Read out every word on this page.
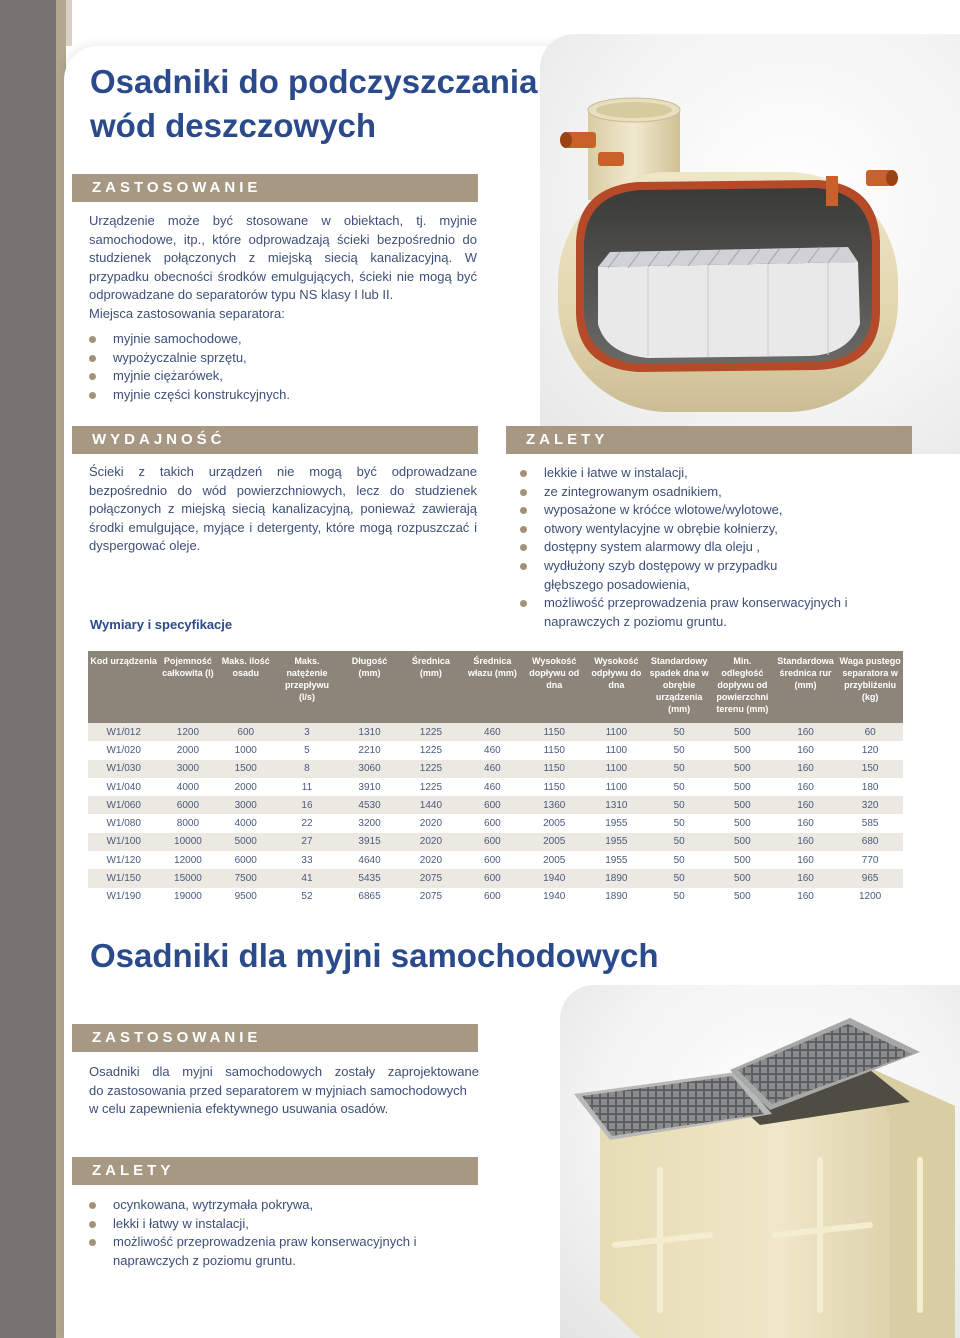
Osadniki do podczyszczania
wód deszczowych
ZASTOSOWANIE

Urządzenie może być stosowane w obiektach, tj. myjnie samochodowe, itp., które odprowadzają ścieki bezpośrednio do studzienek połączonych z miejską siecią kanalizacyjną. W przypadku obecności środków emulgujących, ścieki nie mogą być odprowadzane do separatorów typu NS klasy I lub II.

Miejsca zastosowania separatora:

myjnie samochodowe,
wypożyczalnie sprzętu,
myjnie ciężarówek,
myjnie części konstrukcyjnych.
WYDAJNOŚĆ

Ścieki z takich urządzeń nie mogą być odprowadzane bezpośrednio do wód powierzchniowych, lecz do studzienek połączonych z miejską siecią kanalizacyjną, ponieważ zawierają środki emulgujące, myjące i detergenty, które mogą rozpuszczać i dyspergować oleje.

Wymiary i specyfikacje
ZALETY
lekkie i łatwe w instalacji,
ze zintegrowanym osadnikiem,
wyposażone w króćce wlotowe/wylotowe,
otwory wentylacyjne w obrębie kołnierzy,
dostępny system alarmowy dla oleju ,
wydłużony szyb dostępowy w przypadku głębszego posadowienia,
możliwość przeprowadzenia praw konserwacyjnych i naprawczych z poziomu gruntu.
Kod urządzenia	Pojemność całkowita (l)	Maks. ilość osadu	Maks. natężenie przepływu (l/s)	Długość (mm)	Średnica (mm)	Średnica włazu (mm)	Wysokość dopływu od dna	Wysokość odpływu do dna	Standardowy spadek dna w obrębie urządzenia (mm)	Min. odległość dopływu od powierzchni terenu (mm)	Standardowa średnica rur (mm)	Waga pustego separatora w przybliżeniu (kg)
W1/012	1200	600	3	1310	1225	460	1150	1100	50	500	160	60
W1/020	2000	1000	5	2210	1225	460	1150	1100	50	500	160	120
W1/030	3000	1500	8	3060	1225	460	1150	1100	50	500	160	150
W1/040	4000	2000	11	3910	1225	460	1150	1100	50	500	160	180
W1/060	6000	3000	16	4530	1440	600	1360	1310	50	500	160	320
W1/080	8000	4000	22	3200	2020	600	2005	1955	50	500	160	585
W1/100	10000	5000	27	3915	2020	600	2005	1955	50	500	160	680
W1/120	12000	6000	33	4640	2020	600	2005	1955	50	500	160	770
W1/150	15000	7500	41	5435	2075	600	1940	1890	50	500	160	965
W1/190	19000	9500	52	6865	2075	600	1940	1890	50	500	160	1200
Osadniki dla myjni samochodowych
ZASTOSOWANIE
Osadniki dla myjni samochodowych zostały zaprojektowane
do zastosowania przed separatorem w myjniach samochodowych
w celu zapewnienia efektywnego usuwania osadów.
ZALETY
ocynkowana, wytrzymała pokrywa,
lekki i łatwy w instalacji,
możliwość przeprowadzenia praw konserwacyjnych i naprawczych z poziomu gruntu.
